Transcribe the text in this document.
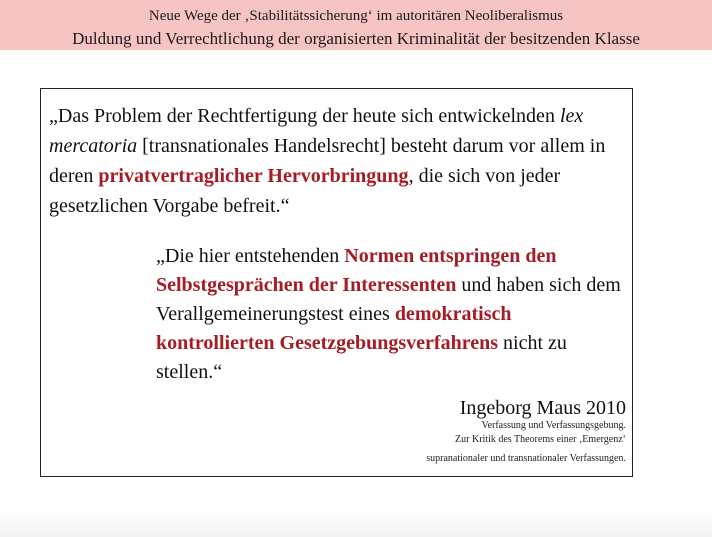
Neue Wege der ‚Stabilitätssicherung‘ im autoritären Neoliberalismus
Duldung und Verrechtlichung der organisierten Kriminalität der besitzenden Klasse
„Das Problem der Rechtfertigung der heute sich entwickelnden lex mercatoria [transnationales Handelsrecht] besteht darum vor allem in deren privatvertraglicher Hervorbringung, die sich von jeder gesetzlichen Vorgabe befreit.“
„Die hier entstehenden Normen entspringen den Selbstgesprächen der Interessenten und haben sich dem Verallgemeinerungstest eines demokratisch kontrollierten Gesetzgebungsverfahrens nicht zu stellen.“
Ingeborg Maus 2010
Verfassung und Verfassungsgebung.
Zur Kritik des Theorems einer ‚Emergenz‘
supranationaler und transnationaler Verfassungen.
